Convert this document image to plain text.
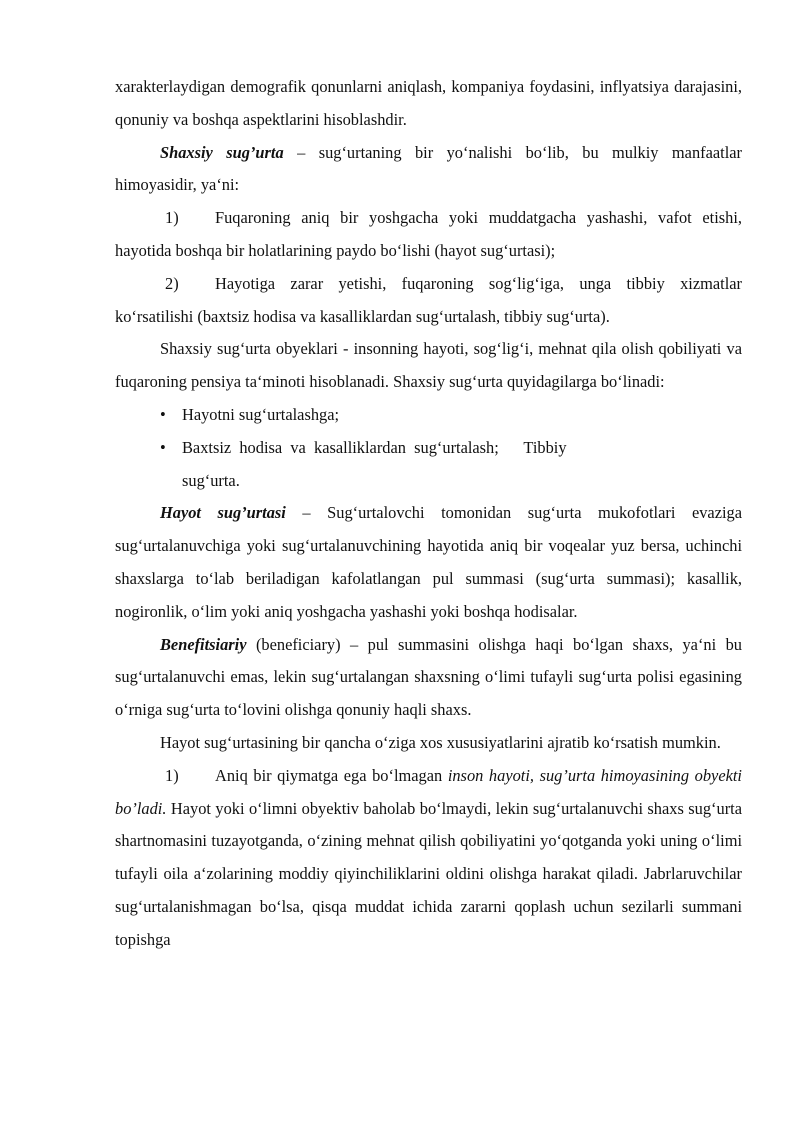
xarakterlaydigan demografik qonunlarni aniqlash, kompaniya foydasini, inflyatsiya darajasini, qonuniy va boshqa aspektlarini hisoblashdir.

Shaxsiy sug’urta – sug‘urtaning bir yo‘nalishi bo‘lib, bu mulkiy manfaatlar himoyasidir, ya‘ni:

1) Fuqaroning aniq bir yoshgacha yoki muddatgacha yashashi, vafot etishi, hayotida boshqa bir holatlarining paydo bo‘lishi (hayot sug‘urtasi);

2) Hayotiga zarar yetishi, fuqaroning sog‘lig‘iga, unga tibbiy xizmatlar ko‘rsatilishi (baxtsiz hodisa va kasalliklardan sug‘urtalash, tibbiy sug‘urta).

Shaxsiy sug‘urta obyeklari - insonning hayoti, sog‘lig‘i, mehnat qila olish qobiliyati va fuqaroning pensiya ta‘minoti hisoblanadi. Shaxsiy sug‘urta quyidagilarga bo‘linadi:

• Hayotni sug‘urtalashga;

• Baxtsiz  hodisa  va  kasalliklardan  sug‘urtalash;   Tibbiy

sug‘urta.

Hayot sug’urtasi – Sug‘urtalovchi tomonidan sug‘urta mukofotlari evaziga sug‘urtalanuvchiga yoki sug‘urtalanuvchining hayotida aniq bir voqealar yuz bersa, uchinchi shaxslarga to‘lab beriladigan kafolatlangan pul summasi (sug‘urta summasi); kasallik, nogironlik, o‘lim yoki aniq yoshgacha yashashi yoki boshqa hodisalar.

Benefitsiariy (beneficiary) – pul summasini olishga haqi bo‘lgan shaxs, ya‘ni bu sug‘urtalanuvchi emas, lekin sug‘urtalangan shaxsning o‘limi tufayli sug‘urta polisi egasining o‘rniga sug‘urta to‘lovini olishga qonuniy haqli shaxs.

Hayot sug‘urtasining bir qancha o‘ziga xos xususiyatlarini ajratib ko‘rsatish mumkin.

1) Aniq bir qiymatga ega bo‘lmagan inson hayoti, sug’urta himoyasining obyekti bo’ladi. Hayot yoki o‘limni obyektiv baholab bo‘lmaydi, lekin sug‘urtalanuvchi shaxs sug‘urta shartnomasini tuzayotganda, o‘zining mehnat qilish qobiliyatini yo‘qotganda yoki uning o‘limi tufayli oila a‘zolarining moddiy qiyinchiliklarini oldini olishga harakat qiladi. Jabrlaruvchilar sug‘urtalanishmagan bo‘lsa, qisqa muddat ichida zararni qoplash uchun sezilarli summani topishga
